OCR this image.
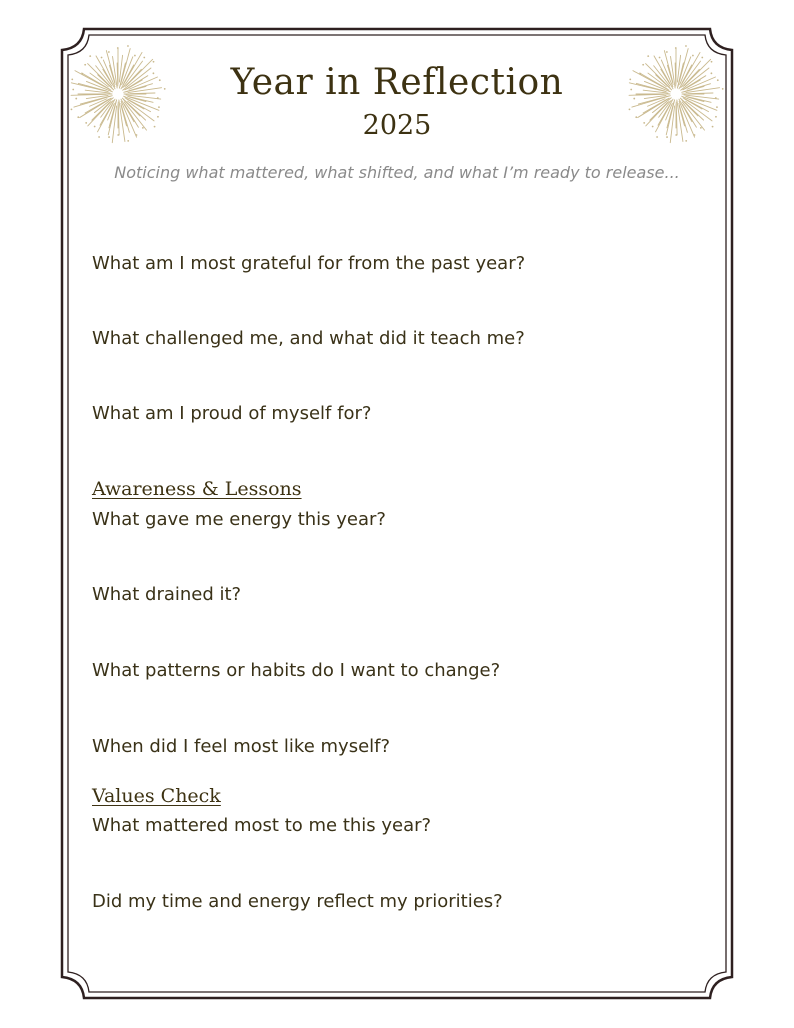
Year in Reflection
2025
Noticing what mattered, what shifted, and what I’m ready to release...
What am I most grateful for from the past year?
What challenged me, and what did it teach me?
What am I proud of myself for?
Awareness & Lessons
What gave me energy this year?
What drained it?
What patterns or habits do I want to change?
When did I feel most like myself?
Values Check
What mattered most to me this year?
Did my time and energy reflect my priorities?
